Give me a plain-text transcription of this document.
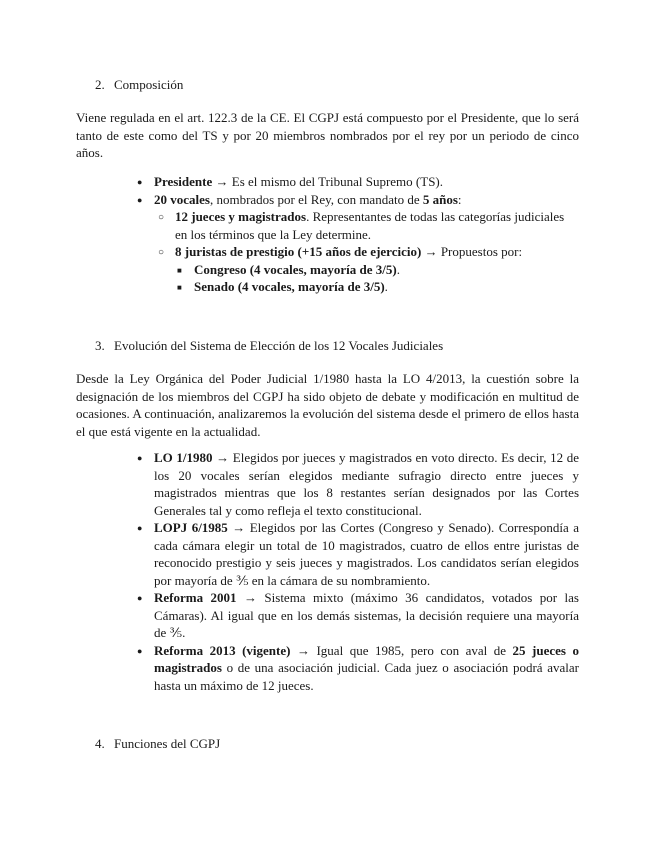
2. Composición

Viene regulada en el art. 122.3 de la CE. El CGPJ está compuesto por el Presidente, que lo será tanto de este como del TS y por 20 miembros nombrados por el rey por un periodo de cinco años.

●
Presidente → Es el mismo del Tribunal Supremo (TS).
●
20 vocales, nombrados por el Rey, con mandato de 5 años:
○
12 jueces y magistrados. Representantes de todas las categorías judiciales en los términos que la Ley determine.
○
8 juristas de prestigio (+15 años de ejercicio) → Propuestos por:
■
Congreso (4 vocales, mayoría de 3/5).
■
Senado (4 vocales, mayoría de 3/5).
3. Evolución del Sistema de Elección de los 12 Vocales Judiciales

Desde la Ley Orgánica del Poder Judicial 1/1980 hasta la LO 4/2013, la cuestión sobre la designación de los miembros del CGPJ ha sido objeto de debate y modificación en multitud de ocasiones. A continuación, analizaremos la evolución del sistema desde el primero de ellos hasta el que está vigente en la actualidad.

●
LO 1/1980 → Elegidos por jueces y magistrados en voto directo. Es decir, 12 de los 20 vocales serían elegidos mediante sufragio directo entre jueces y magistrados mientras que los 8 restantes serían designados por las Cortes Generales tal y como refleja el texto constitucional.
●
LOPJ 6/1985 → Elegidos por las Cortes (Congreso y Senado). Correspondía a cada cámara elegir un total de 10 magistrados, cuatro de ellos entre juristas de reconocido prestigio y seis jueces y magistrados. Los candidatos serían elegidos por mayoría de ⅗ en la cámara de su nombramiento.
●
Reforma 2001 → Sistema mixto (máximo 36 candidatos, votados por las Cámaras). Al igual que en los demás sistemas, la decisión requiere una mayoría de ⅗.
●
Reforma 2013 (vigente) → Igual que 1985, pero con aval de 25 jueces o magistrados o de una asociación judicial. Cada juez o asociación podrá avalar hasta un máximo de 12 jueces.
4. Funciones del CGPJ
